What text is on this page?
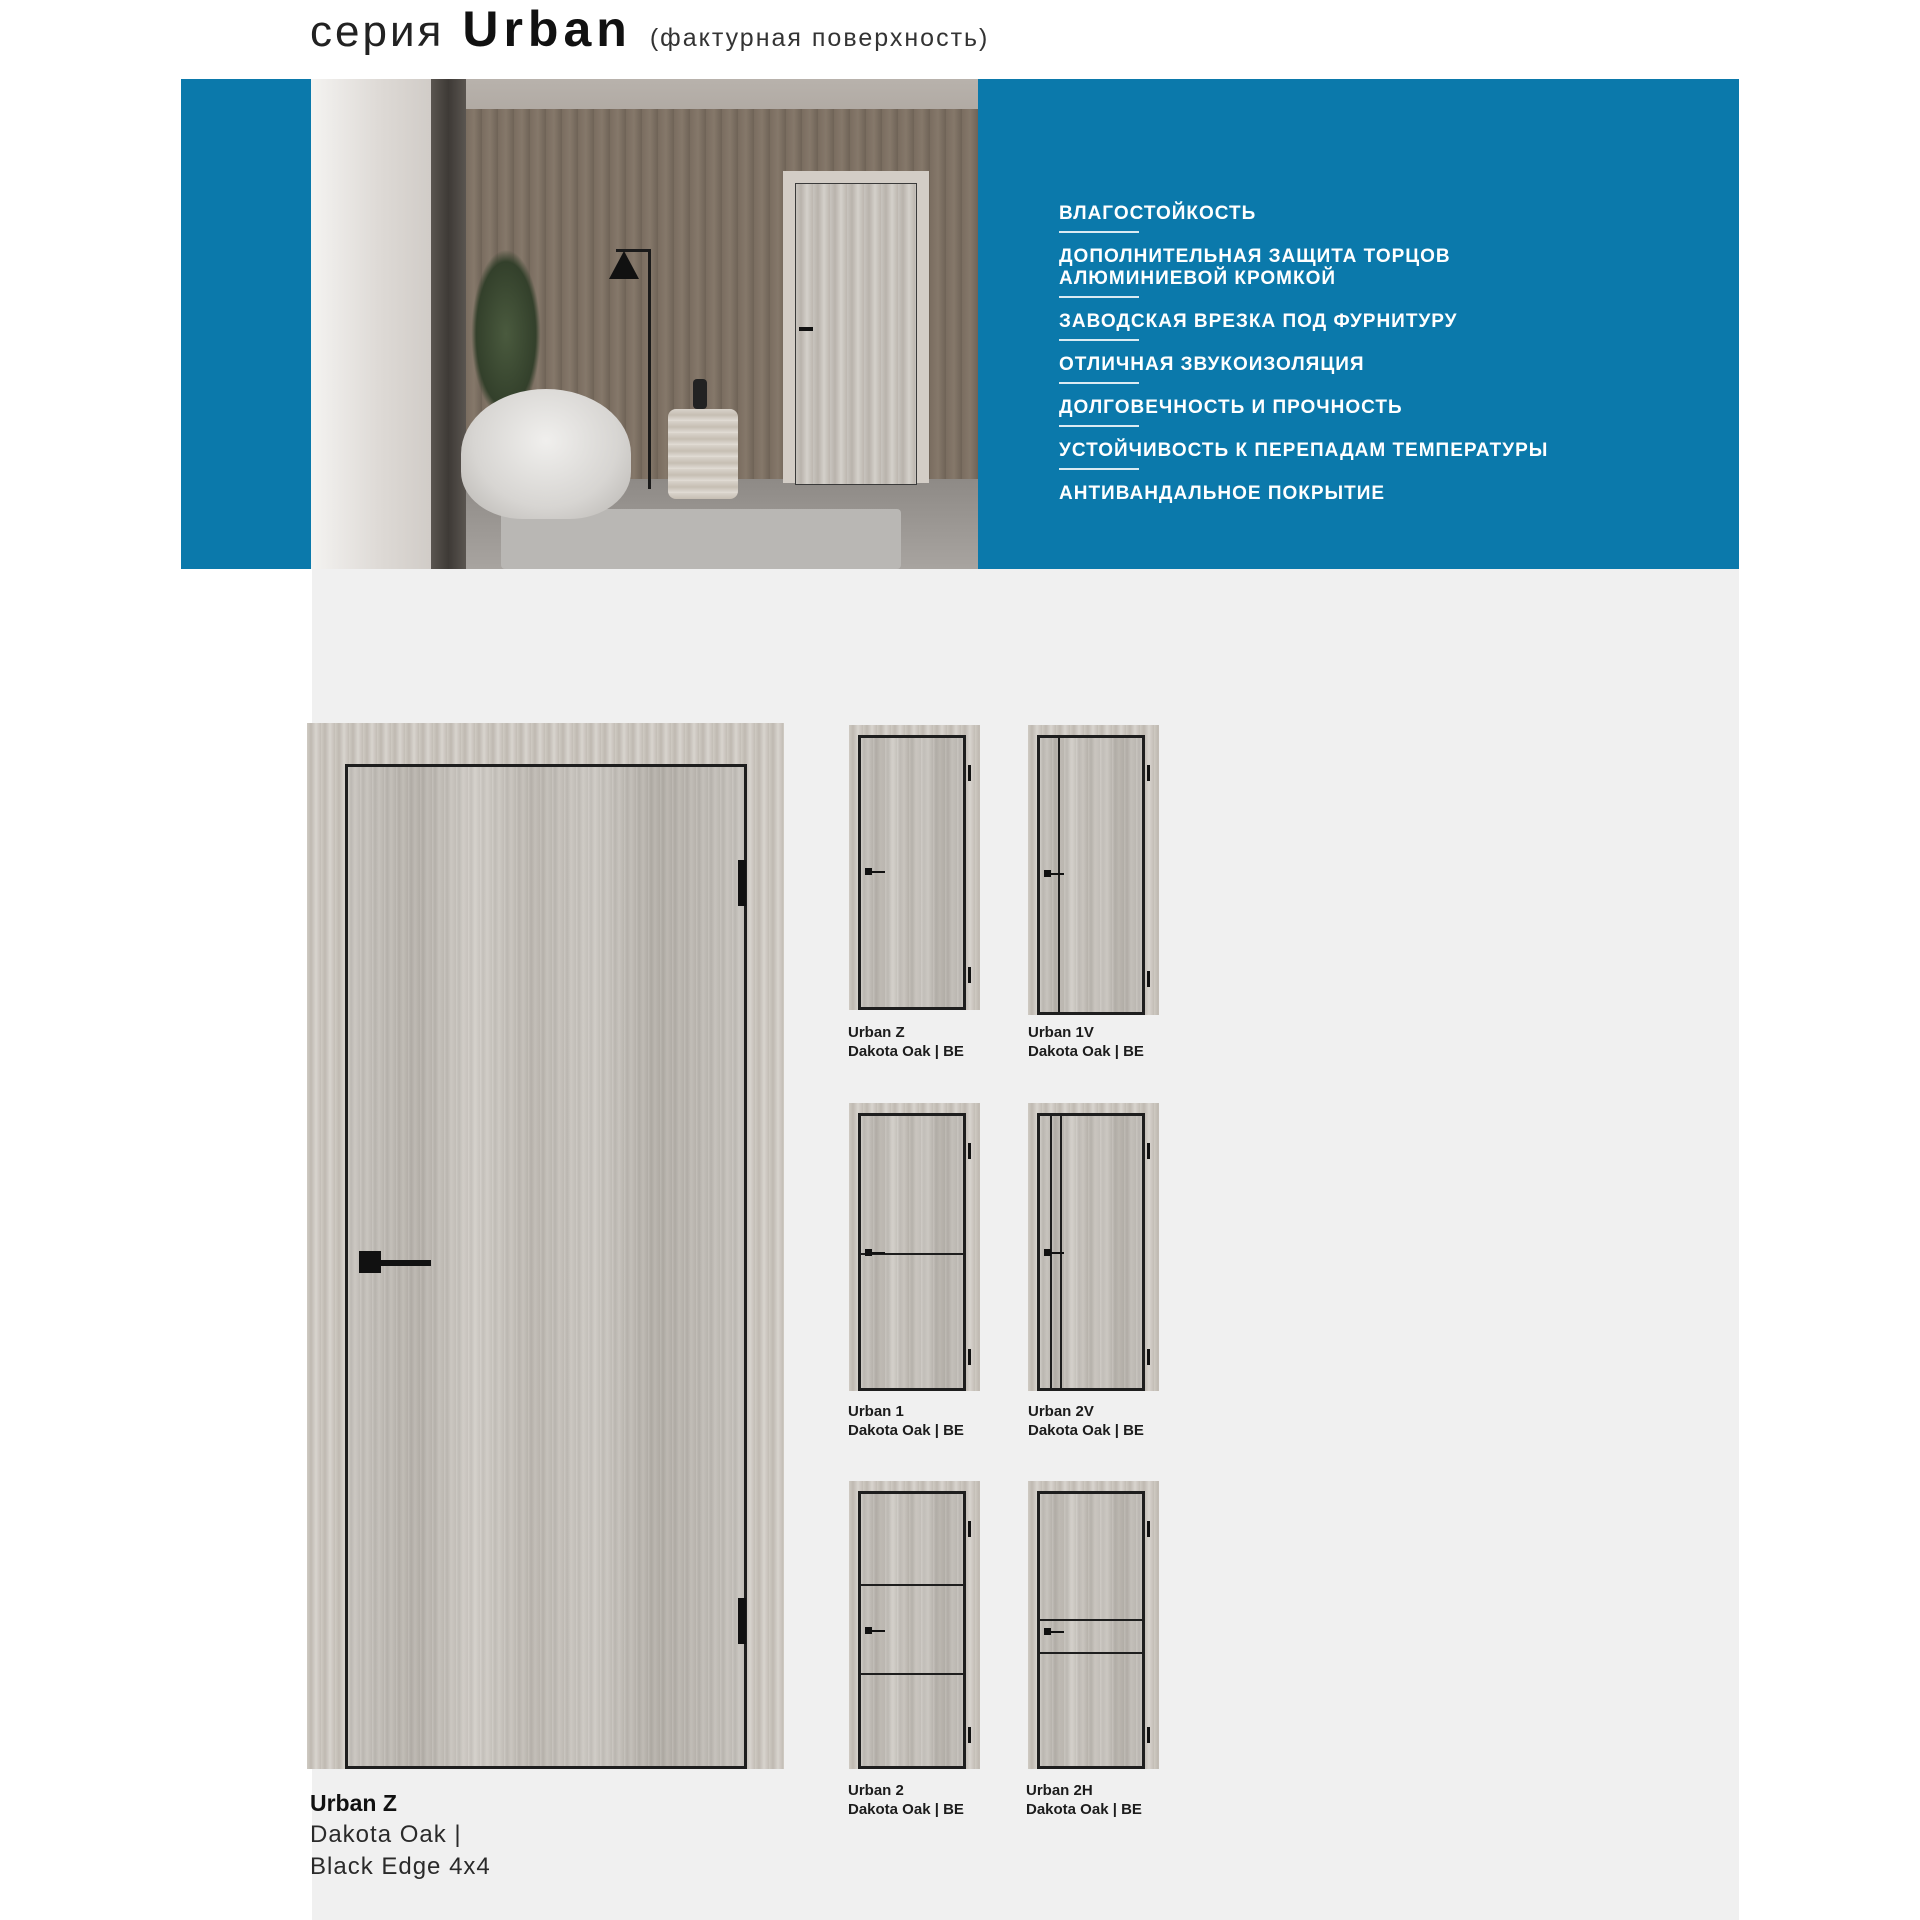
серия Urban (фактурная поверхность)
ВЛАГОСТОЙКОСТЬ
ДОПОЛНИТЕЛЬНАЯ ЗАЩИТА ТОРЦОВ АЛЮМИНИЕВОЙ КРОМКОЙ
ЗАВОДСКАЯ ВРЕЗКА ПОД ФУРНИТУРУ
ОТЛИЧНАЯ ЗВУКОИЗОЛЯЦИЯ
ДОЛГОВЕЧНОСТЬ И ПРОЧНОСТЬ
УСТОЙЧИВОСТЬ К ПЕРЕПАДАМ ТЕМПЕРАТУРЫ
АНТИВАНДАЛЬНОЕ ПОКРЫТИЕ
Urban Z
Dakota Oak | BE
Urban 1V
Dakota Oak | BE
Urban 1
Dakota Oak | BE
Urban 2V
Dakota Oak | BE
Urban 2
Dakota Oak | BE
Urban 2H
Dakota Oak | BE
Urban Z
Dakota Oak |
Black Edge 4x4
